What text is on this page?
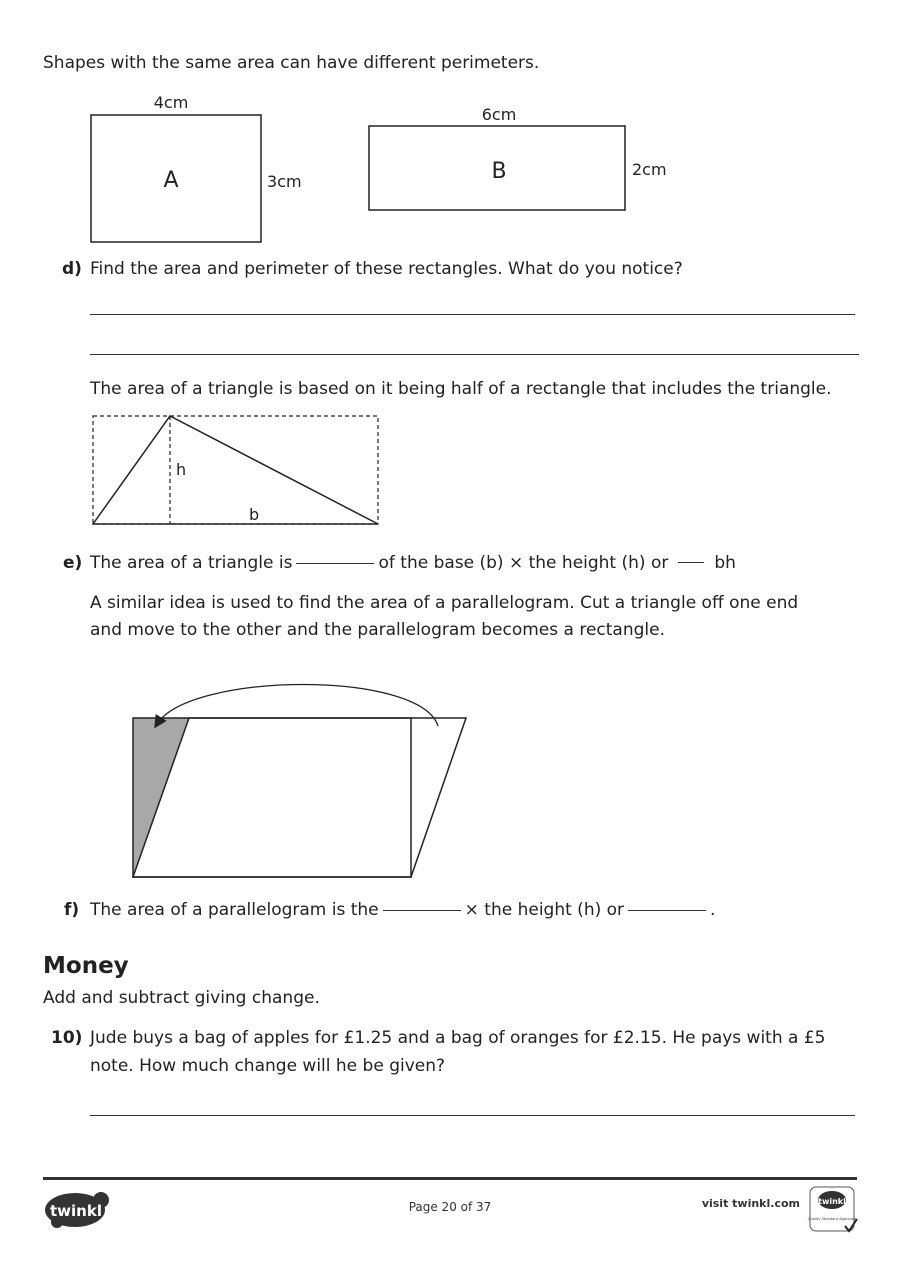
Shapes with the same area can have different perimeters.
4cm
A	3cm
6cm
B	2cm
d) Find the area and perimeter of these rectangles. What do you notice?
The area of a triangle is based on it being half of a rectangle that includes the triangle.
h
b
e) The area of a triangle is	of the base (b) × the height (h) or	bh
A similar idea is used to find the area of a parallelogram. Cut a triangle off one end
and move to the other and the parallelogram becomes a rectangle.
f) The area of a parallelogram is the	× the height (h) or	.
Money
Add and subtract giving change.
10) Jude buys a bag of apples for £1.25 and a bag of oranges for £2.15. He pays with a £5
note. How much change will he be given?
twinkl	Page 20 of 37	visit twinkl.com twinkl
Quality Standard Approved
